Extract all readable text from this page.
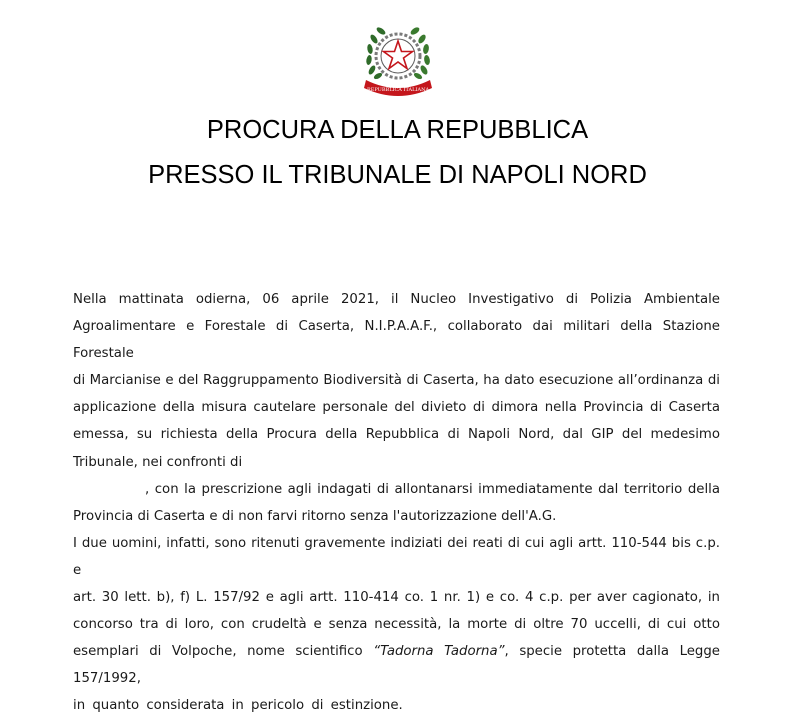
REPUBBLICA ITALIANA
PROCURA DELLA REPUBBLICA
PRESSO IL TRIBUNALE DI NAPOLI NORD
Nella mattinata odierna, 06 aprile 2021, il Nucleo Investigativo di Polizia Ambientale
Agroalimentare e Forestale di Caserta, N.I.P.A.A.F., collaborato dai militari della Stazione Forestale
di Marcianise e del Raggruppamento Biodiversità di Caserta, ha dato esecuzione all’ordinanza di
applicazione della misura cautelare personale del divieto di dimora nella Provincia di Caserta
emessa, su richiesta della Procura della Repubblica di Napoli Nord, dal GIP del medesimo
Tribunale, nei confronti di
, con la prescrizione agli indagati di allontanarsi immediatamente dal territorio della
Provincia di Caserta e di non farvi ritorno senza l'autorizzazione dell'A.G.
I due uomini, infatti, sono ritenuti gravemente indiziati dei reati di cui agli artt. 110-544 bis c.p. e
art. 30 lett. b), f) L. 157/92 e agli artt. 110-414 co. 1 nr. 1) e co. 4 c.p. per aver cagionato, in
concorso tra di loro, con crudeltà e senza necessità, la morte di oltre 70 uccelli, di cui otto
esemplari di Volpoche, nome scientifico “Tadorna Tadorna”, specie protetta dalla Legge 157/1992,
in quanto considerata in pericolo di estinzione.
